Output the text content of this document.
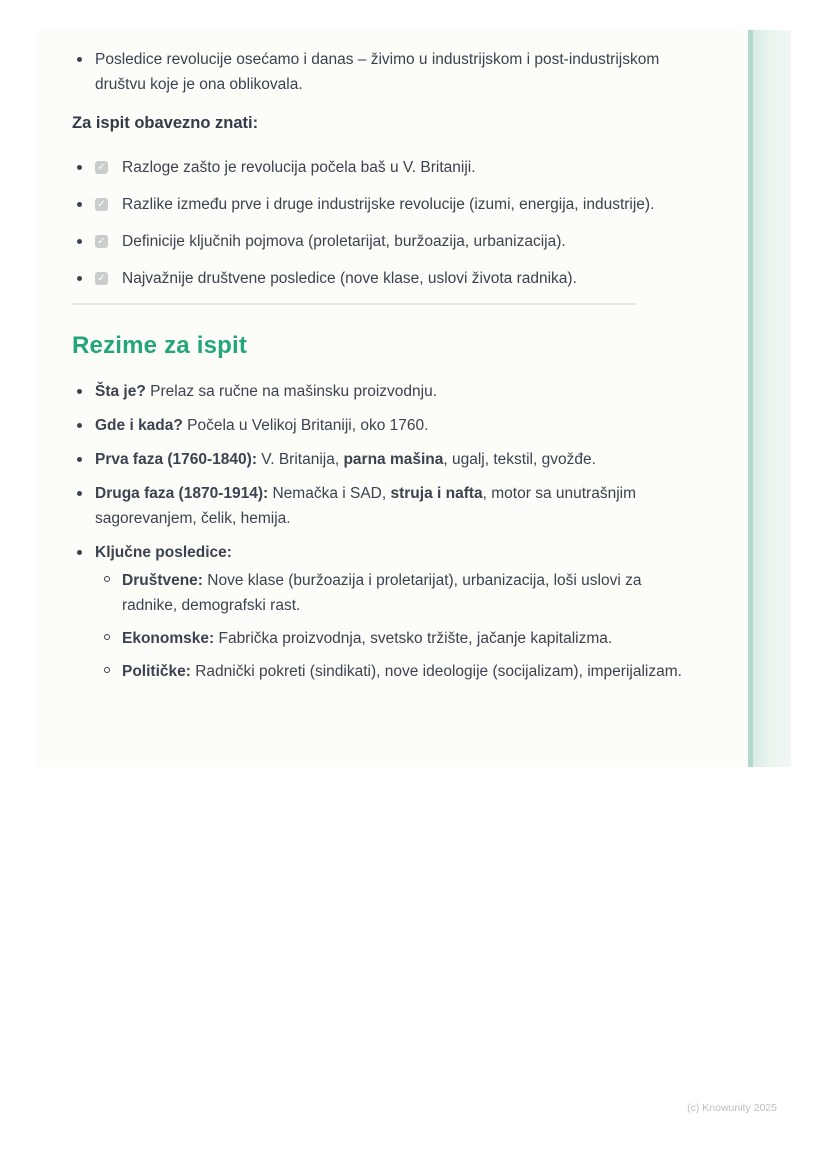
Posledice revolucije osećamo i danas – živimo u industrijskom i post-industrijskom društvu koje je ona oblikovala.
Za ispit obavezno znati:
✓ Razloge zašto je revolucija počela baš u V. Britaniji.
✓ Razlike između prve i druge industrijske revolucije (izumi, energija, industrije).
✓ Definicije ključnih pojmova (proletarijat, buržoazija, urbanizacija).
✓ Najvažnije društvene posledice (nove klase, uslovi života radnika).
Rezime za ispit
Šta je? Prelaz sa ručne na mašinsku proizvodnju.
Gde i kada? Počela u Velikoj Britaniji, oko 1760.
Prva faza (1760-1840): V. Britanija, parna mašina, ugalj, tekstil, gvožđe.
Druga faza (1870-1914): Nemačka i SAD, struja i nafta, motor sa unutrašnjim sagorevanjem, čelik, hemija.
Ključne posledice:
Društvene: Nove klase (buržoazija i proletarijat), urbanizacija, loši uslovi za radnike, demografski rast.
Ekonomske: Fabrička proizvodnja, svetsko tržište, jačanje kapitalizma.
Političke: Radnički pokreti (sindikati), nove ideologije (socijalizam), imperijalizam.
(c) Knowunity 2025
